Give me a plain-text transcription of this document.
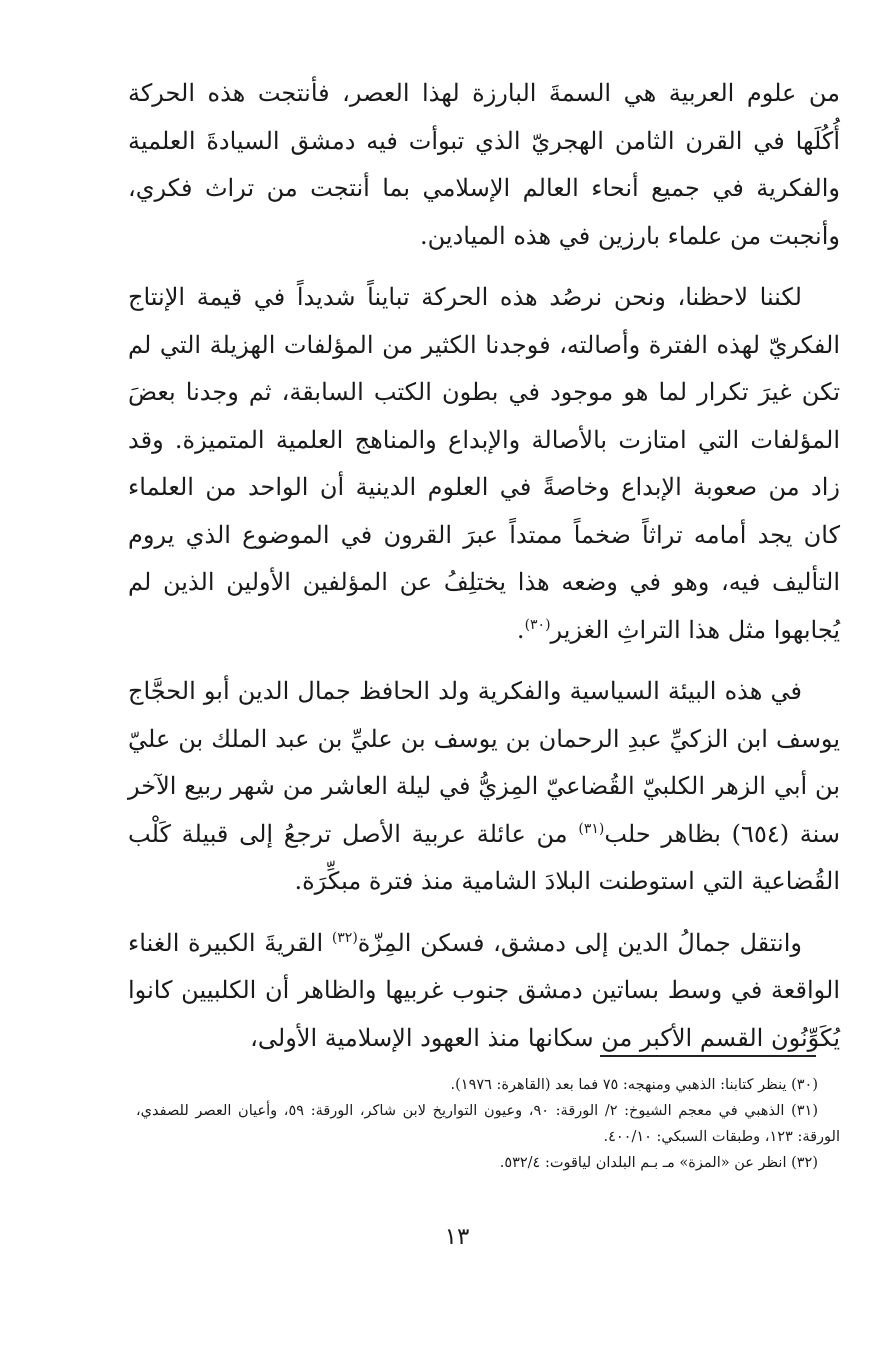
من علوم العربية هي السمةَ البارزة لهذا العصر، فأنتجت هذه الحركة أُكُلَها في القرن الثامن الهجريّ الذي تبوأت فيه دمشق السيادةَ العلمية والفكرية في جميع أنحاء العالم الإسلامي بما أنتجت من تراث فكري، وأنجبت من علماء بارزين في هذه الميادين.

لكننا لاحظنا، ونحن نرصُد هذه الحركة تبايناً شديداً في قيمة الإنتاج الفكريّ لهذه الفترة وأصالته، فوجدنا الكثير من المؤلفات الهزيلة التي لم تكن غيرَ تكرار لما هو موجود في بطون الكتب السابقة، ثم وجدنا بعضَ المؤلفات التي امتازت بالأصالة والإبداع والمناهج العلمية المتميزة. وقد زاد من صعوبة الإبداع وخاصةً في العلوم الدينية أن الواحد من العلماء كان يجد أمامه تراثاً ضخماً ممتداً عبرَ القرون في الموضوع الذي يروم التأليف فيه، وهو في وضعه هذا يختلِفُ عن المؤلفين الأولين الذين لم يُجابهوا مثل هذا التراثِ الغزير$^{(٣٠)}$.

في هذه البيئة السياسية والفكرية ولد الحافظ جمال الدين أبو الحجَّاج يوسف ابن الزكيِّ عبدِ الرحمان بن يوسف بن عليِّ بن عبد الملك بن عليّ بن أبي الزهر الكلبيّ القُضاعيّ المِزيُّ في ليلة العاشر من شهر ربيع الآخر سنة (٦٥٤) بظاهر حلب$^{(٣١)}$ من عائلة عربية الأصل ترجعُ إلى قبيلة كَلْب القُضاعية التي استوطنت البلادَ الشامية منذ فترة مبكِّرَة.

وانتقل جمالُ الدين إلى دمشق، فسكن المِزّة$^{(٣٢)}$ القريةَ الكبيرة الغناء الواقعة في وسط بساتين دمشق جنوب غربيها والظاهر أن الكلبيين كانوا يُكَوِّنُون القسم الأكبر من سكانها منذ العهود الإسلامية الأولى،

(٣٠) ينظر كتابنا: الذهبي ومنهجه: ٧٥ فما بعد (القاهرة: ١٩٧٦).

(٣١) الذهبي في معجم الشيوخ: ٢/ الورقة: ٩٠، وعيون التواريخ لابن شاكر، الورقة: ٥٩، وأعيان العصر للصفدي، الورقة: ١٢٣، وطبقات السبكي: ٤٠٠/١٠.

(٣٢) انظر عن «المزة» مـ بـم البلدان لياقوت: ٥٣٢/٤.

١٣
